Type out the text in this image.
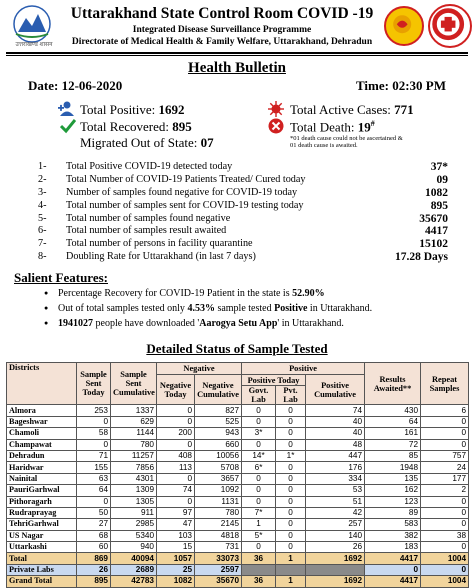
उत्तराखण्ड शासन
Uttarakhand State Control Room COVID -19
Integrated Disease Surveillance Programme
Directorate of Medical Health & Family Welfare, Uttarakhand, Dehradun
Health Bulletin
Date: 12-06-2020	Time: 02:30 PM
Total Positive: 1692
Total Recovered: 895
Migrated Out of State: 07
Total Active Cases: 771
Total Death: 19#
*01 death cause could not be ascertained &
01 death cause is awaited.
1- Total Positive COVID-19 detected today	37*
2- Total Number of COVID-19 Patients Treated/ Cured today	09
3- Number of samples found negative for COVID-19 today	1082
4- Total number of samples sent for COVID-19 testing today	895
5- Total number of samples found negative	35670
6- Total number of samples result awaited	4417
7- Total number of persons in facility quarantine	15102
8- Doubling Rate for Uttarakhand (in last 7 days)	17.28 Days
Salient Features:
● Percentage Recovery for COVID-19 Patient in the state is 52.90%
● Out of total samples tested only 4.53% sample tested Positive in Uttarakhand.
● 1941027 people have downloaded 'Aarogya Setu App' in Uttarakhand.
Detailed Status of Sample Tested
Districts	Sample Sent Today	Sample Sent Cumulative	Negative		Positive			Results Awaited**	Repeat Samples
			Negative Today	Negative Cumulative	Positive Today		Positive Cumulative		
					Govt. Lab	Pvt. Lab			
Almora	253	1337	0	827	0	0	74	430	6
Bageshwar	0	629	0	525	0	0	40	64	0
Chamoli	58	1144	200	943	3*	0	40	161	0
Champawat	0	780	0	660	0	0	48	72	0
Dehradun	71	11257	408	10056	14*	1*	447	85	757
Haridwar	155	7856	113	5708	6*	0	176	1948	24
Nainital	63	4301	0	3657	0	0	334	135	177
PauriGarhwal	64	1309	74	1092	0	0	53	162	2
Pithoragarh	0	1305	0	1131	0	0	51	123	0
Rudraprayag	50	911	97	780	7*	0	42	89	0
TehriGarhwal	27	2985	47	2145	1	0	257	583	0
US Nagar	68	5340	103	4818	5*	0	140	382	38
Uttarkashi	60	940	15	731	0	0	26	183	0
Total	869	40094	1057	33073	36	1	1692	4417	1004
Private Labs	26	2689	25	2597				0	0
Grand Total	895	42783	1082	35670	36	1	1692	4417	1004
